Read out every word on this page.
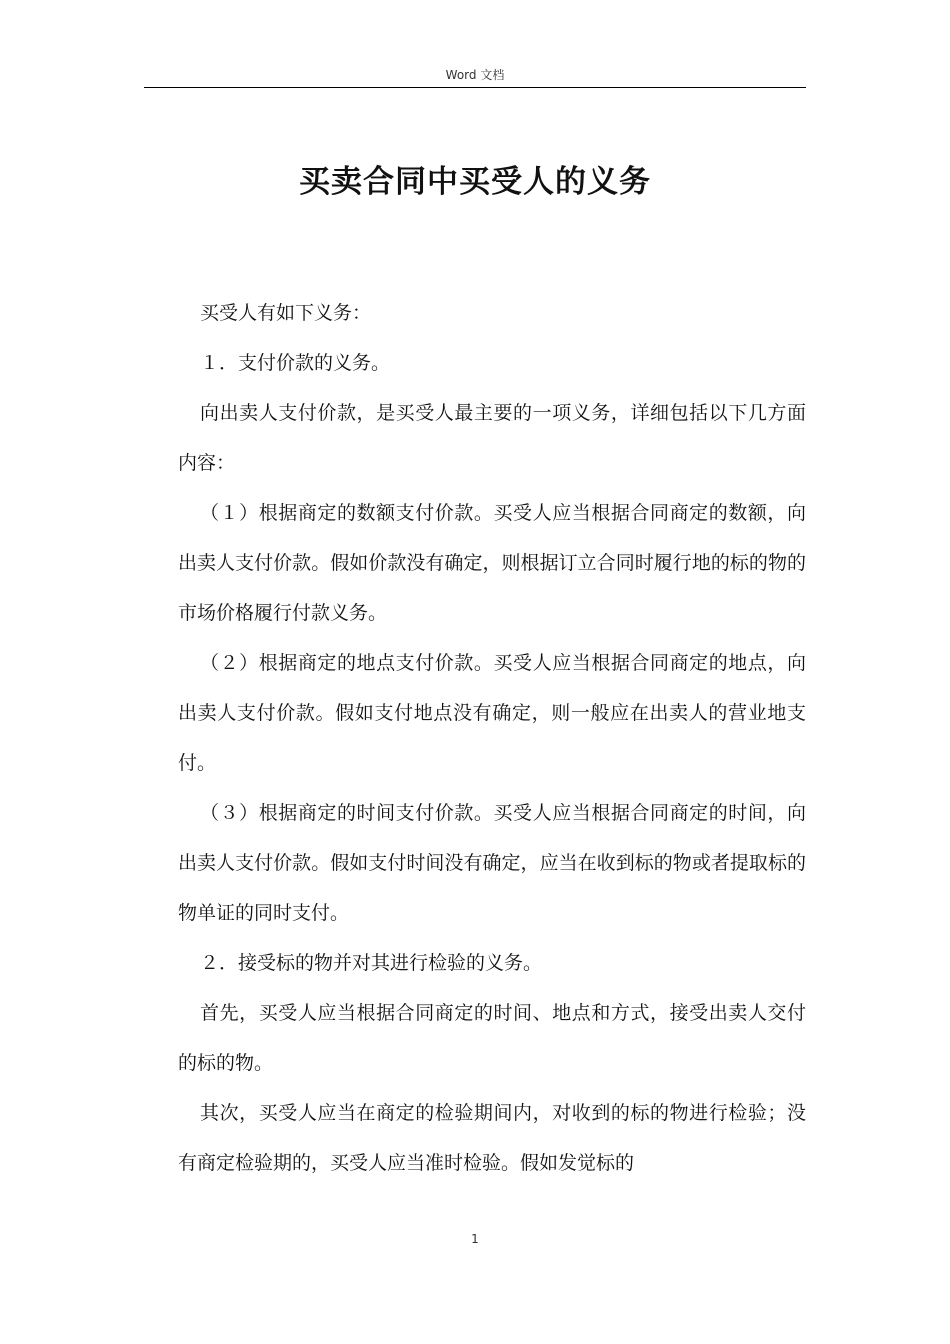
Word 文档
买卖合同中买受人的义务

买受人有如下义务：

１．支付价款的义务。

向出卖人支付价款，是买受人最主要的一项义务，详细包括以下几方面内容：

（１）根据商定的数额支付价款。买受人应当根据合同商定的数额，向出卖人支付价款。假如价款没有确定，则根据订立合同时履行地的标的物的市场价格履行付款义务。

（２）根据商定的地点支付价款。买受人应当根据合同商定的地点，向出卖人支付价款。假如支付地点没有确定，则一般应在出卖人的营业地支付。

（３）根据商定的时间支付价款。买受人应当根据合同商定的时间，向出卖人支付价款。假如支付时间没有确定，应当在收到标的物或者提取标的物单证的同时支付。

２．接受标的物并对其进行检验的义务。

首先，买受人应当根据合同商定的时间、地点和方式，接受出卖人交付的标的物。

其次，买受人应当在商定的检验期间内，对收到的标的物进行检验；没有商定检验期的，买受人应当准时检验。假如发觉标的

1
